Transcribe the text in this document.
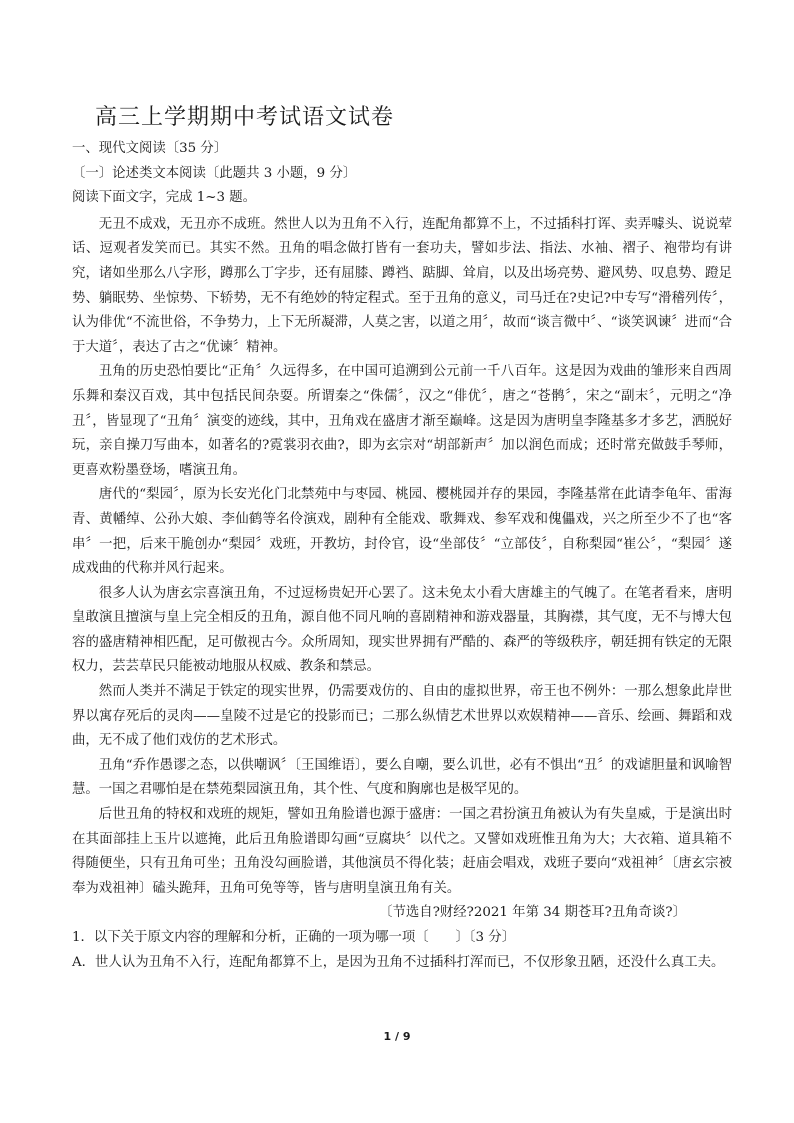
高三上学期期中考试语文试卷

一、现代文阅读〔35 分〕

〔一〕论述类文本阅读〔此题共 3 小题，9 分〕

阅读下面文字，完成 1~3 题。

无丑不成戏，无丑亦不成班。然世人以为丑角不入行，连配角都算不上，不过插科打诨、卖弄噱头、说说荤话、逗观者发笑而已。其实不然。丑角的唱念做打皆有一套功夫，譬如步法、指法、水袖、褶子、袍带均有讲究，诸如坐那么八字形，蹲那么丁字步，还有屈膝、蹲裆、踮脚、耸肩，以及出场亮势、避风势、叹息势、蹬足势、躺眠势、坐惊势、下轿势，无不有绝妙的特定程式。至于丑角的意义，司马迁在?史记?中专写“滑稽列传〞，认为俳优“不流世俗，不争势力，上下无所凝滞，人莫之害，以道之用〞，故而“谈言微中〞、“谈笑讽谏〞进而“合于大道〞，表达了古之“优谏〞精神。

丑角的历史恐怕要比“正角〞久远得多，在中国可追溯到公元前一千八百年。这是因为戏曲的雏形来自西周乐舞和秦汉百戏，其中包括民间杂耍。所谓秦之“侏儒〞，汉之“俳优〞，唐之“苍鹘〞，宋之“副末〞，元明之“净丑〞，皆显现了“丑角〞演变的迹线，其中，丑角戏在盛唐才渐至巅峰。这是因为唐明皇李隆基多才多艺，洒脱好玩，亲自操刀写曲本，如著名的?霓裳羽衣曲?，即为玄宗对“胡部新声〞加以润色而成；还时常充做鼓手琴师，更喜欢粉墨登场，嗜演丑角。

唐代的“梨园〞，原为长安光化门北禁苑中与枣园、桃园、樱桃园并存的果园，李隆基常在此请李龟年、雷海青、黄幡绰、公孙大娘、李仙鹤等名伶演戏，剧种有全能戏、歌舞戏、参军戏和傀儡戏，兴之所至少不了也“客串〞一把，后来干脆创办“梨园〞戏班，开教坊，封伶官，设“坐部伎〞“立部伎〞，自称梨园“崔公〞，“梨园〞遂成戏曲的代称并风行起来。

很多人认为唐玄宗喜演丑角，不过逗杨贵妃开心罢了。这未免太小看大唐雄主的气魄了。在笔者看来，唐明皇敢演且擅演与皇上完全相反的丑角，源自他不同凡响的喜剧精神和游戏器量，其胸襟，其气度，无不与博大包容的盛唐精神相匹配，足可傲视古今。众所周知，现实世界拥有严酷的、森严的等级秩序，朝廷拥有铁定的无限权力，芸芸草民只能被动地服从权威、教条和禁忌。

然而人类并不满足于铁定的现实世界，仍需要戏仿的、自由的虚拟世界，帝王也不例外：一那么想象此岸世界以寓存死后的灵肉——皇陵不过是它的投影而已；二那么纵情艺术世界以欢娱精神——音乐、绘画、舞蹈和戏曲，无不成了他们戏仿的艺术形式。

丑角“乔作愚谬之态，以供嘲讽〞〔王国维语〕，要么自嘲，要么讥世，必有不惧出“丑〞的戏谑胆量和讽喻智慧。一国之君哪怕是在禁苑梨园演丑角，其个性、气度和胸廓也是极罕见的。

后世丑角的特权和戏班的规矩，譬如丑角脸谱也源于盛唐：一国之君扮演丑角被认为有失皇威，于是演出时在其面部挂上玉片以遮掩，此后丑角脸谱即勾画“豆腐块〞以代之。又譬如戏班惟丑角为大；大衣箱、道具箱不得随便坐，只有丑角可坐；丑角没勾画脸谱，其他演员不得化装；赶庙会唱戏，戏班子要向“戏祖神〞〔唐玄宗被奉为戏祖神〕磕头跪拜，丑角可免等等，皆与唐明皇演丑角有关。

〔节选自?财经?2021 年第 34 期苍耳?丑角奇谈?〕

1．以下关于原文内容的理解和分析，正确的一项为哪一项〔　　〕〔3 分〕

A．世人认为丑角不入行，连配角都算不上，是因为丑角不过插科打浑而已，不仅形象丑陋，还没什么真工夫。

1 / 9
